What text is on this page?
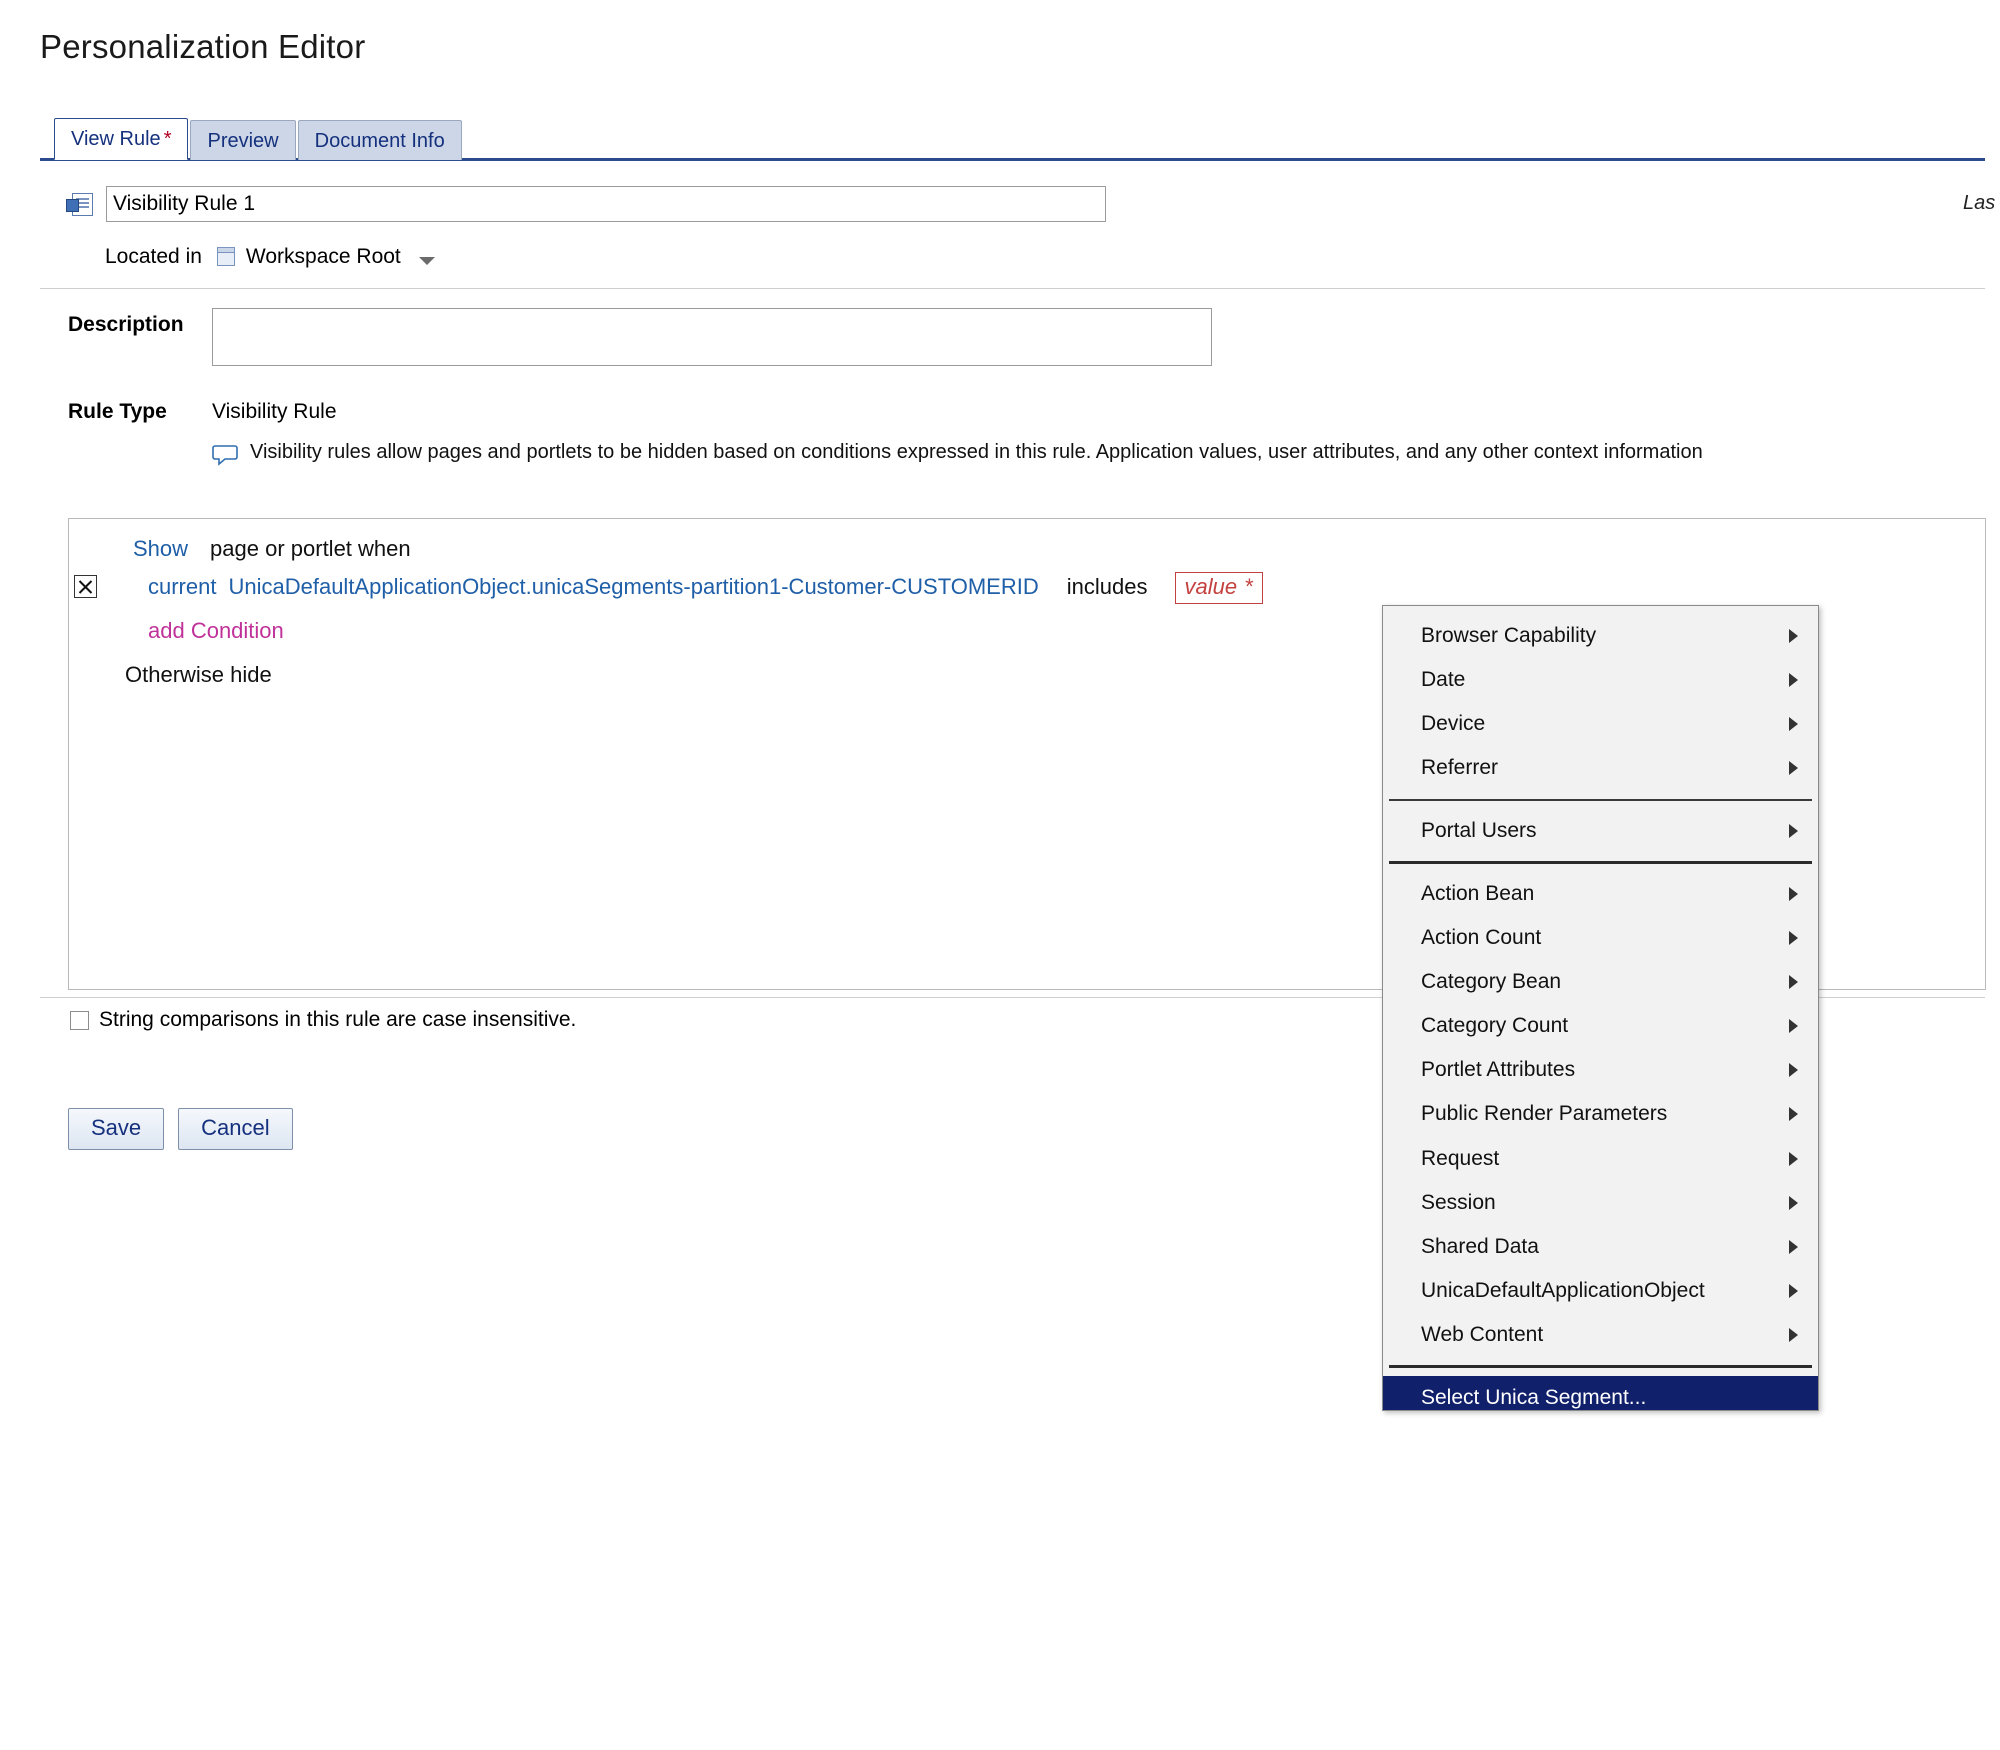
Personalization Editor
View Rule *	Preview	Document Info
Visibility Rule 1
Las
Located in Workspace Root
Description
Rule Type Visibility Rule
Visibility rules allow pages and portlets to be hidden based on conditions expressed in this rule. Application values, user attributes, and any other context information
Show page or portlet when
current UnicaDefaultApplicationObject.unicaSegments-partition1-Customer-CUSTOMERID includes value *
add Condition
Otherwise hide
String comparisons in this rule are case insensitive.
Save	Cancel
Browser Capability
Date
Device
Referrer
Portal Users
Action Bean
Action Count
Category Bean
Category Count
Portlet Attributes
Public Render Parameters
Request
Session
Shared Data
UnicaDefaultApplicationObject
Web Content
Select Unica Segment...
